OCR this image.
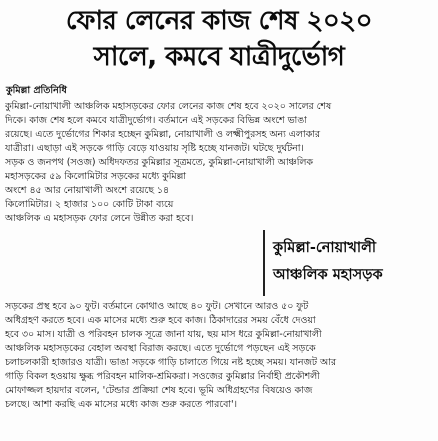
ফোর লেনের কাজ শেষ ২০২০
সালে, কমবে যাত্রীদুর্ভোগ
কুমিল্লা প্রতিনিধি
কুমিল্লা-নোয়াখালী আঞ্চলিক মহাসড়কের ফোর লেনের কাজ শেষ হবে ২০২০ সালের শেষ
দিকে। কাজ শেষ হলে কমবে যাত্রীদুর্ভোগ। বর্তমানে এই সড়কের বিভিন্ন অংশে ভাঙা
রয়েছে। এতে দুর্ভোগের শিকার হচ্ছেন কুমিল্লা, নোয়াখালী ও লক্ষ্মীপুরসহ অন্য এলাকার
যাত্রীরা। এছাড়া এই সড়কে গাড়ি বেড়ে যাওয়ায় সৃষ্টি হচ্ছে যানজট। ঘটছে দুর্ঘটনা।
সড়ক ও জনপথ (সওজ) অধিদফতর কুমিল্লার সূত্রমতে, কুমিল্লা-নোয়াখালী আঞ্চলিক
মহাসড়কের ৫৯ কিলোমিটার সড়কের মধ্যে কুমিল্লা
অংশে ৪৫ আর নোয়াখালী অংশে রয়েছে ১৪
কিলোমিটার। ২ হাজার ১০০ কোটি টাকা ব্যয়ে
আঞ্চলিক এ মহাসড়ক ফোর লেনে উন্নীত করা হবে।
সড়কের প্রস্থ হবে ৯০ ফুট। বর্তমানে কোথাও আছে ৪০ ফুট। সেখানে আরও ৫০ ফুট
অধিগ্রহণ করতে হবে। এক মাসের মধ্যে শুরু হবে কাজ। ঠিকাদারের সময় বেঁধে দেওয়া
হবে ৩০ মাস। যাত্রী ও পরিবহন চালক সূত্রে জানা যায়, ছয় মাস ধরে কুমিল্লা-নোয়াখালী
আঞ্চলিক মহাসড়কের বেহাল অবস্থা বিরাজ করছে। এতে দুর্ভোগে পড়ছেন এই সড়কে
চলাচলকারী হাজারও যাত্রী। ভাঙা সড়কে গাড়ি চালাতে গিয়ে নষ্ট হচ্ছে সময়। যানজট আর
গাড়ি বিকল হওয়ায় ক্ষুব্ধ পরিবহন মালিক-শ্রমিকরা। সওজের কুমিল্লার নির্বাহী প্রকৌশলী
মোফাজ্জল হায়দার বলেন, 'টেন্ডার প্রক্রিয়া শেষ হবে। ভূমি অধিগ্রহণের বিষয়েও কাজ
চলছে। আশা করছি এক মাসের মধ্যে কাজ শুরু করতে পারবো'।
কুমিল্লা-নোয়াখালী
আঞ্চলিক মহাসড়ক
